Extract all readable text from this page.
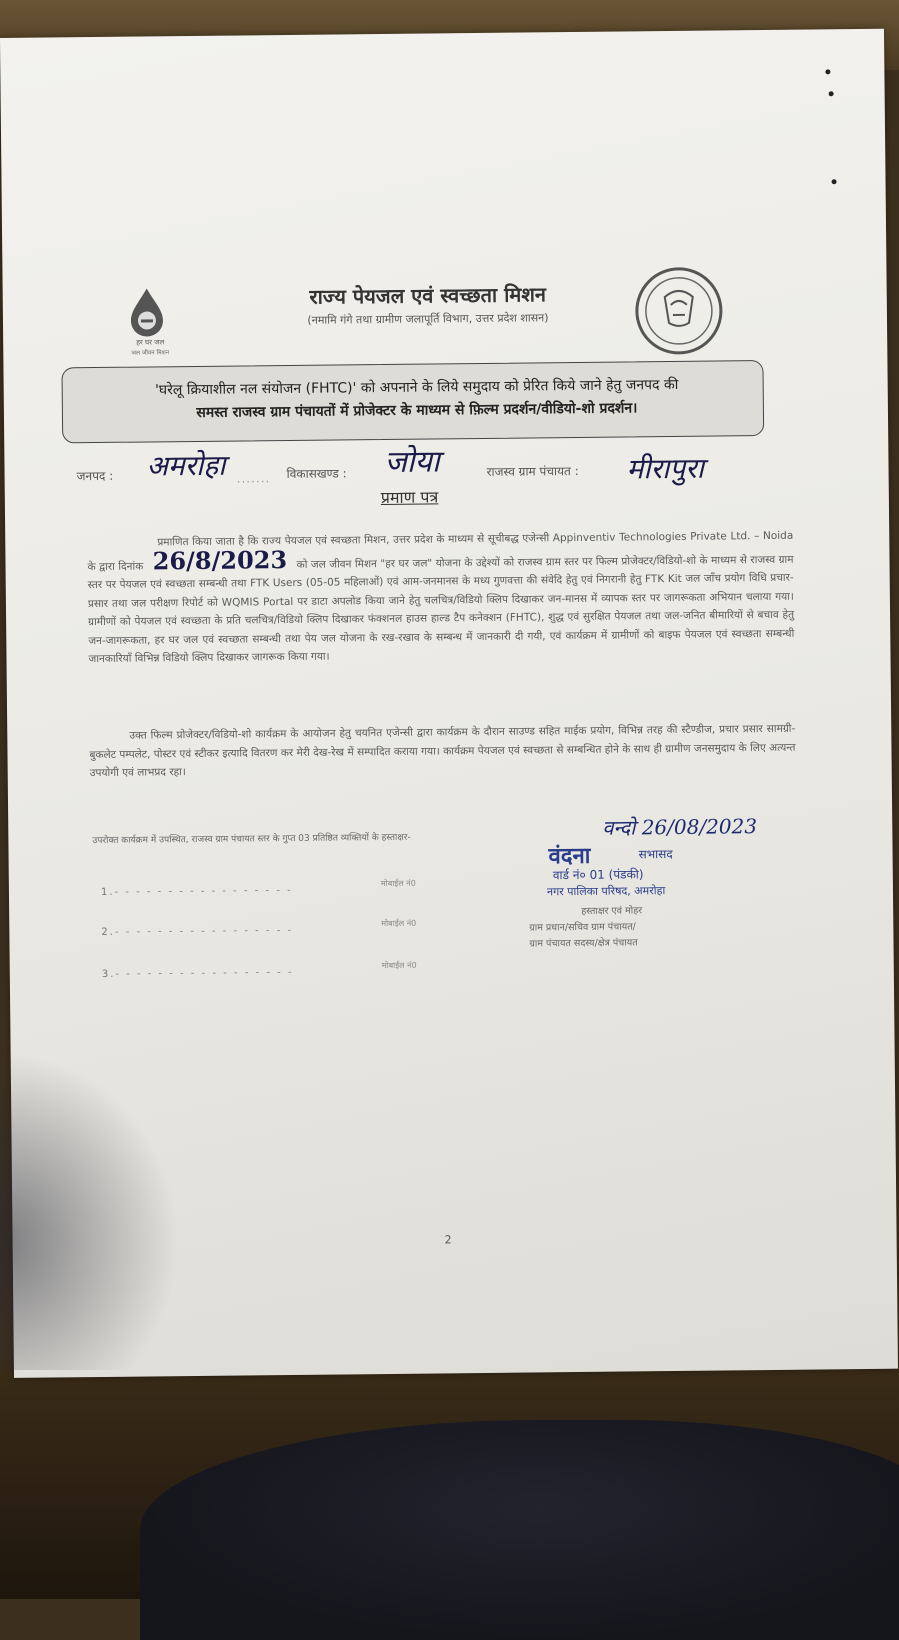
हर घर जल
जल जीवन मिशन
राज्य पेयजल एवं स्वच्छता मिशन
(नमामि गंगे तथा ग्रामीण जलापूर्ति विभाग, उत्तर प्रदेश शासन)
'घरेलू क्रियाशील नल संयोजन (FHTC)' को अपनाने के लिये समुदाय को प्रेरित किये जाने हेतु जनपद की
समस्त राजस्व ग्राम पंचायतों में प्रोजेक्टर के माध्यम से फ़िल्म प्रदर्शन/वीडियो-शो प्रदर्शन।
जनपद : अमरोहा ....... विकासखण्ड : जोया	राजस्व ग्राम पंचायत : मीरापुरा
प्रमाण पत्र
प्रमाणित किया जाता है कि राज्य पेयजल एवं स्वच्छता मिशन, उत्तर प्रदेश के माध्यम से सूचीबद्ध एजेन्सी Appinventiv Technologies Private Ltd. – Noida के द्वारा दिनांक 26/8/2023 को जल जीवन मिशन "हर घर जल" योजना के उद्देश्यों को राजस्व ग्राम स्तर पर फिल्म प्रोजेक्टर/विडियो-शो के माध्यम से राजस्व ग्राम स्तर पर पेयजल एवं स्वच्छता सम्बन्धी तथा FTK Users (05-05 महिलाओं) एवं आम-जनमानस के मध्य गुणवत्ता की संवेदि हेतु एवं निगरानी हेतु FTK Kit जल जाँच प्रयोग विधि प्रचार-प्रसार तथा जल परीक्षण रिपोर्ट को WQMIS Portal पर डाटा अपलोड किया जाने हेतु चलचित्र/विडियो क्लिप दिखाकर जन-मानस में व्यापक स्तर पर जागरूकता अभियान चलाया गया। ग्रामीणों को पेयजल एवं स्वच्छता के प्रति चलचित्र/विडियो क्लिप दिखाकर फंक्शनल हाउस हाल्ड टैप कनेक्शन (FHTC), शुद्ध एवं सुरक्षित पेयजल तथा जल-जनित बीमारियों से बचाव हेतु जन-जागरूकता, हर घर जल एवं स्वच्छता सम्बन्धी तथा पेय जल योजना के रख-रखाव के सम्बन्ध में जानकारी दी गयी, एवं कार्यक्रम में ग्रामीणों को बाइफ पेयजल एवं स्वच्छता सम्बन्धी जानकारियाँ विभिन्न विडियो क्लिप दिखाकर जागरूक किया गया।
उक्त फिल्म प्रोजेक्टर/विडियो-शो कार्यक्रम के आयोजन हेतु चयनित एजेन्सी द्वारा कार्यक्रम के दौरान साउण्ड सहित माईक प्रयोग, विभिन्न तरह की स्टैण्डीज, प्रचार प्रसार सामग्री-बुकलेट पम्पलेट, पोस्टर एवं स्टीकर इत्यादि वितरण कर मेरी देख-रेख में सम्पादित कराया गया। कार्यक्रम पेयजल एवं स्वच्छता से सम्बन्धित होने के साथ ही ग्रामीण जनसमुदाय के लिए अत्यन्त उपयोगी एवं लाभप्रद रहा।
उपरोक्त कार्यक्रम में उपस्थित, राजस्व ग्राम पंचायत स्तर के गुप्त 03 प्रतिष्ठित व्यक्तियों के हस्ताक्षर-
1.- - - - - - - - - - - - - - - - -
मोबाईल नं0
2.- - - - - - - - - - - - - - - - -
मोबाईल नं0
3.- - - - - - - - - - - - - - - - -
मोबाईल नं0
वन्दो 26/08/2023
वंदना	सभासद
वार्ड नं० 01 (पंडकी)
नगर पालिका परिषद, अमरोहा
हस्ताक्षर एवं मोहर
ग्राम प्रधान/सचिव ग्राम पंचायत/
ग्राम पंचायत सदस्य/क्षेत्र पंचायत
2
